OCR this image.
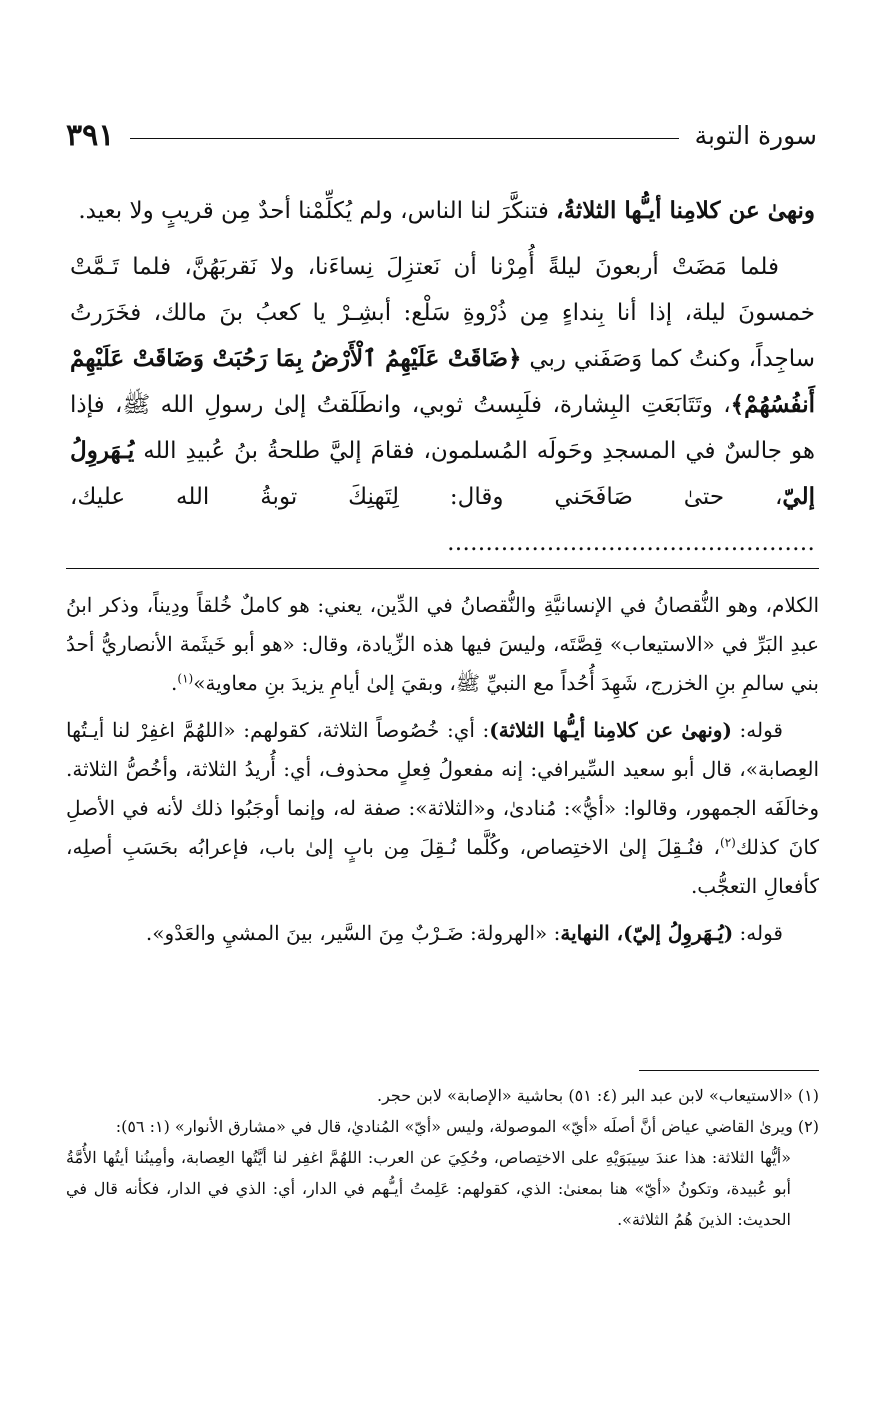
سورة التوبة
٣٩١

ونهىٰ عن كلامِنا أيـُّها الثلاثةُ، فتنكَّرَ لنا الناس، ولم يُكلِّمْنا أحدٌ مِن قريبٍ ولا بعيد.

فلما مَضَتْ أربعونَ ليلةً أُمِرْنا أن نَعتزِلَ نِساءَنا، ولا نَقربَهُنَّ، فلما تَـمَّتْ خمسونَ ليلة، إذا أنا بِنداءٍ مِن ذُرْوةِ سَلْع: أبشِـرْ يا كعبُ بنَ مالك، فخَرَرتُ ساجِداً، وكنتُ كما وَصَفَني ربي ﴿ضَاقَتْ عَلَيْهِمُ ٱلْأَرْضُ بِمَا رَحُبَتْ وَضَاقَتْ عَلَيْهِمْ أَنفُسُهُمْ﴾، وتَتَابَعَتِ البِشارة، فلَبِستُ ثوبي، وانطَلَقتُ إلىٰ رسولِ الله ﷺ، فإذا هو جالسٌ في المسجدِ وحَولَه المُسلمون، فقامَ إليَّ طلحةُ بنُ عُبيدِ الله يُـهَروِلُ إليّ، حتىٰ صَافَحَني وقال: لِتَهنِكَ توبةُ الله عليك، …………………………………………

الكلام، وهو النُّقصانُ في الإنسانيَّةِ والنُّقصانُ في الدِّين، يعني: هو كاملٌ خُلقاً ودِيناً، وذكر ابنُ عبدِ البَرِّ في «الاستيعاب» قِصَّتَه، وليسَ فيها هذه الزِّيادة، وقال: «هو أبو خَيثَمة الأنصاريُّ أحدُ بني سالمِ بنِ الخزرج، شَهِدَ أُحُداً مع النبيِّ ﷺ، وبقيَ إلىٰ أيامِ يزيدَ بنِ معاوية»$^{(١)}$.

قوله: (ونهىٰ عن كلامِنا أيـُّها الثلاثة): أي: خُصُوصاً الثلاثة، كقولهم: «اللهُمَّ اغفِرْ لنا أيـتُها العِصابة»، قال أبو سعيد السِّيرافي: إنه مفعولُ فِعلٍ محذوف، أي: أُريدُ الثلاثة، وأخُصُّ الثلاثة. وخالَفَه الجمهور، وقالوا: «أيُّ»: مُنادىٰ، و«الثلاثة»: صفة له، وإنما أوجَبُوا ذلك لأنه في الأصلِ كانَ كذلك$^{(٢)}$، فنُـقِلَ إلىٰ الاختِصاص، وكُلَّما نُـقِلَ مِن بابٍ إلىٰ باب، فإعرابُه بحَسَبِ أصلِه، كأفعالِ التعجُّب.

قوله: (يُـهَروِلُ إليّ)، النهاية: «الهرولة: ضَـرْبٌ مِنَ السَّير، بينَ المشيِ والعَدْو».

(١) «الاستيعاب» لابن عبد البر (٤: ٥١) بحاشية «الإصابة» لابن حجر.

(٢) ويرىٰ القاضي عياض أنَّ أصلَه «أيّ» الموصولة، وليس «أيّ» المُناديٰ، قال في «مشارق الأنوار» (١: ٥٦):

«أيُّها الثلاثة: هذا عندَ سِيبَوَيْهِ على الاختِصاص، وحُكِيَ عن العرب: اللهُمَّ اغفِر لنا أيَّتُها العِصابة، وأمِينُنا أيتُها الأُمَّةُ أبو عُبيدة، وتكونُ «أيّ» هنا بمعنىٰ: الذي، كقولهم: عَلِمتُ أيـُّهم في الدار، أي: الذي في الدار، فكأنه قال في الحديث: الذينَ هُمُ الثلاثة».
